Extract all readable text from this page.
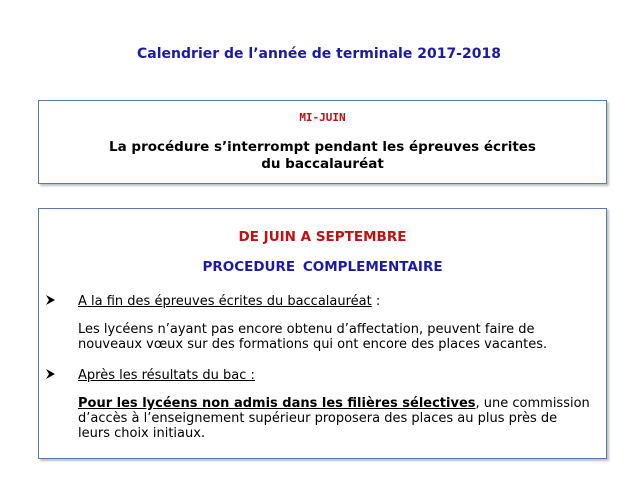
Calendrier de l’année de terminale 2017-2018
MI-JUIN
La procédure s’interrompt pendant les épreuves écrites
du baccalauréat
DE JUIN A SEPTEMBRE
PROCEDURE COMPLEMENTAIRE
A la fin des épreuves écrites du baccalauréat :
Les lycéens n’ayant pas encore obtenu d’affectation, peuvent faire de
nouveaux vœux sur des formations qui ont encore des places vacantes.
Après les résultats du bac :
Pour les lycéens non admis dans les filières sélectives, une commission
d’accès à l’enseignement supérieur proposera des places au plus près de
leurs choix initiaux.
